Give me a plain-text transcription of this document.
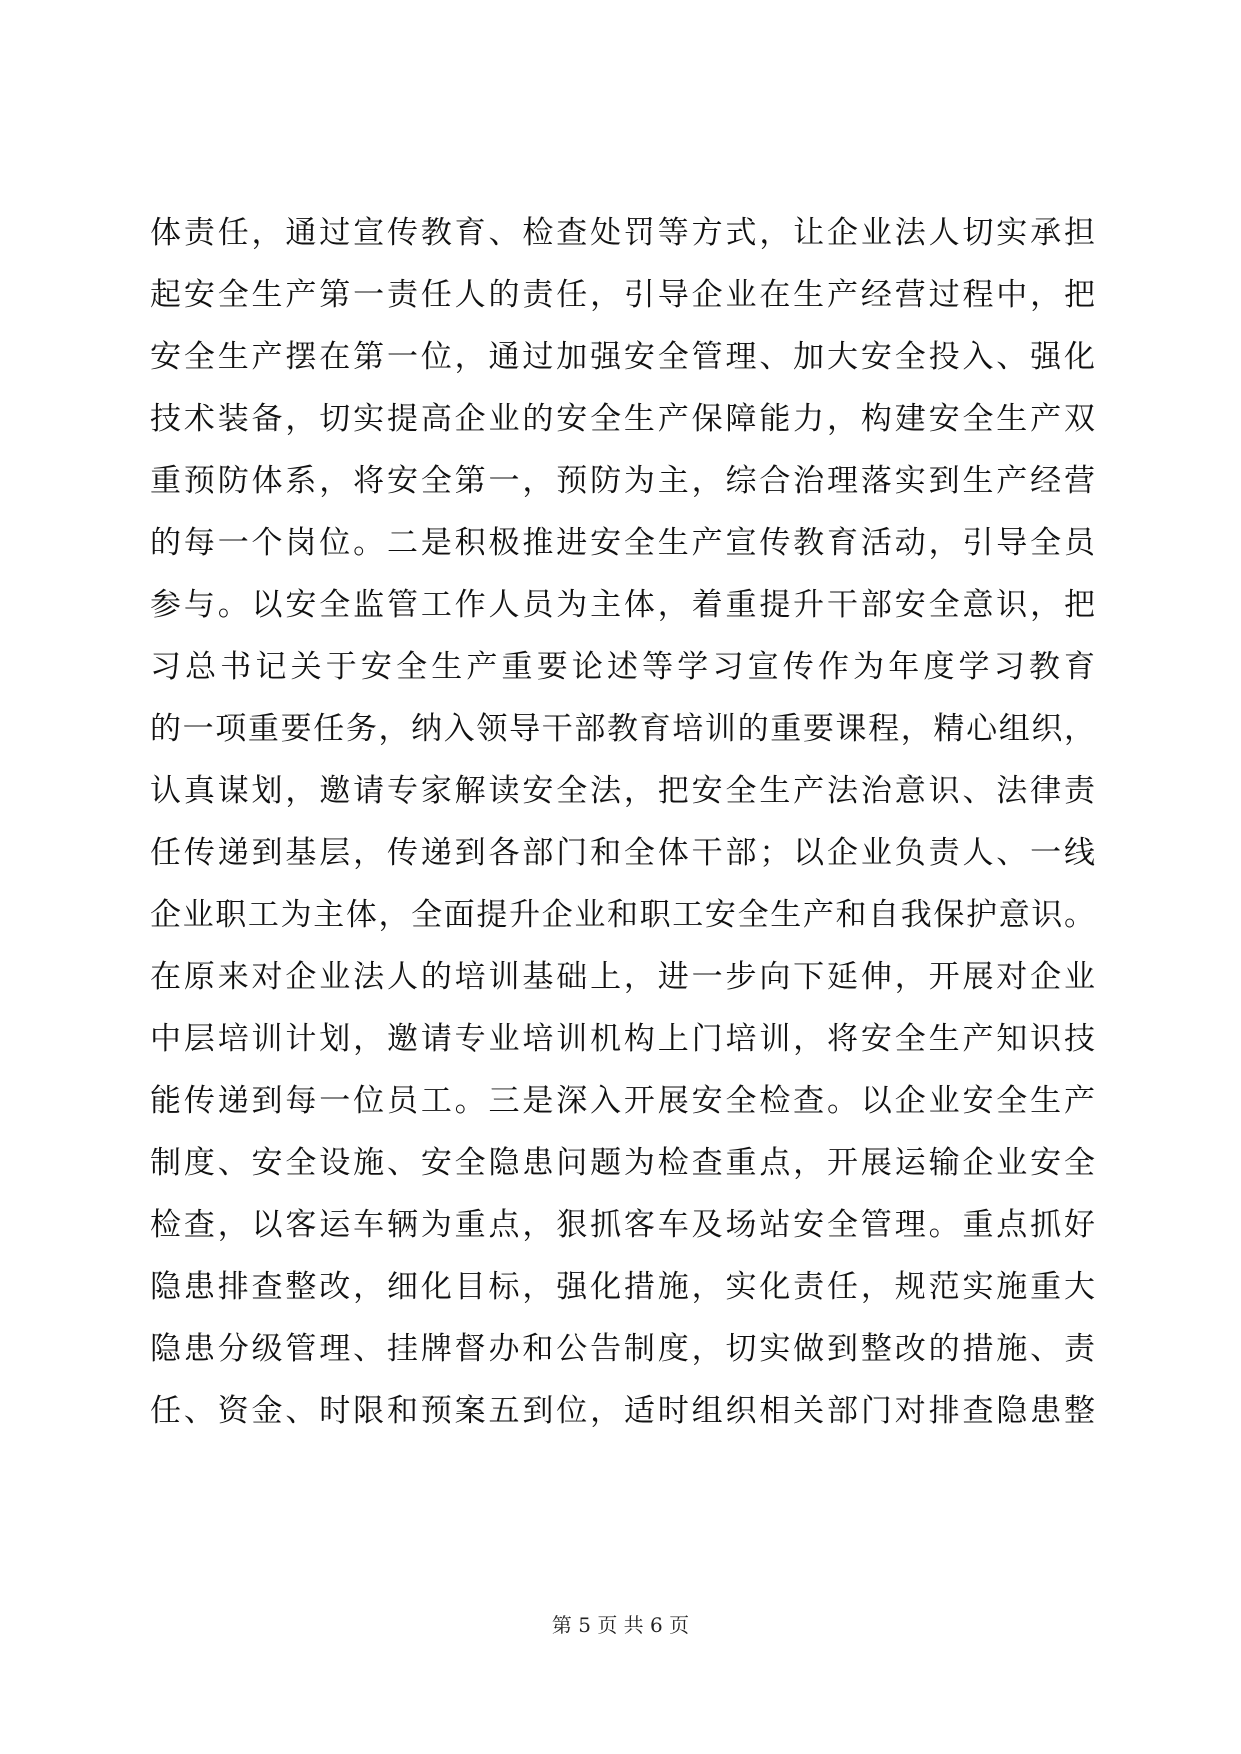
体责任，通过宣传教育、检查处罚等方式，让企业法人切实承担
起安全生产第一责任人的责任，引导企业在生产经营过程中，把
安全生产摆在第一位，通过加强安全管理、加大安全投入、强化
技术装备，切实提高企业的安全生产保障能力，构建安全生产双
重预防体系，将安全第一，预防为主，综合治理落实到生产经营
的每一个岗位。二是积极推进安全生产宣传教育活动，引导全员
参与。以安全监管工作人员为主体，着重提升干部安全意识，把
习总书记关于安全生产重要论述等学习宣传作为年度学习教育
的一项重要任务，纳入领导干部教育培训的重要课程，精心组织，
认真谋划，邀请专家解读安全法，把安全生产法治意识、法律责
任传递到基层，传递到各部门和全体干部；以企业负责人、一线
企业职工为主体，全面提升企业和职工安全生产和自我保护意识。
在原来对企业法人的培训基础上，进一步向下延伸，开展对企业
中层培训计划，邀请专业培训机构上门培训，将安全生产知识技
能传递到每一位员工。三是深入开展安全检查。以企业安全生产
制度、安全设施、安全隐患问题为检查重点，开展运输企业安全
检查，以客运车辆为重点，狠抓客车及场站安全管理。重点抓好
隐患排查整改，细化目标，强化措施，实化责任，规范实施重大
隐患分级管理、挂牌督办和公告制度，切实做到整改的措施、责
任、资金、时限和预案五到位，适时组织相关部门对排查隐患整
第 5 页 共 6 页
